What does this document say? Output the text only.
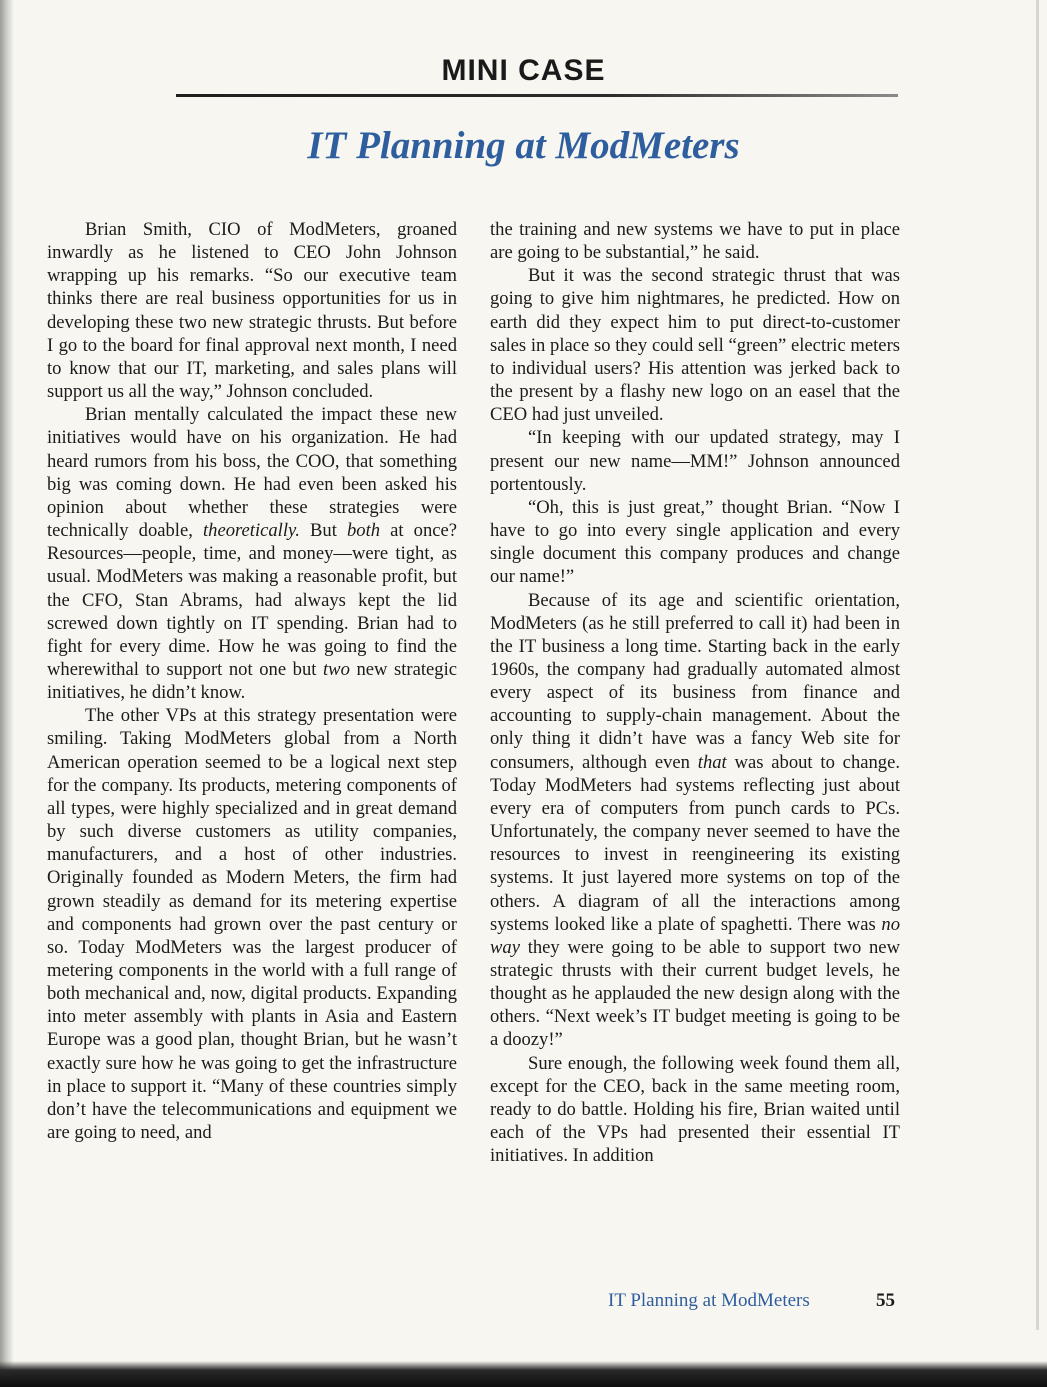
MINI CASE
IT Planning at ModMeters

Brian Smith, CIO of ModMeters, groaned inwardly as he listened to CEO John Johnson wrapping up his remarks. “So our executive team thinks there are real business opportunities for us in developing these two new strategic thrusts. But before I go to the board for final approval next month, I need to know that our IT, marketing, and sales plans will support us all the way,” Johnson concluded.

Brian mentally calculated the impact these new initiatives would have on his organization. He had heard rumors from his boss, the COO, that something big was coming down. He had even been asked his opinion about whether these strategies were technically doable, theoretically. But both at once? Resources—people, time, and money—were tight, as usual. ModMeters was making a reasonable profit, but the CFO, Stan Abrams, had always kept the lid screwed down tightly on IT spending. Brian had to fight for every dime. How he was going to find the wherewithal to support not one but two new strategic initiatives, he didn’t know.

The other VPs at this strategy presentation were smiling. Taking ModMeters global from a North American operation seemed to be a logical next step for the company. Its products, metering components of all types, were highly specialized and in great demand by such diverse customers as utility companies, manufacturers, and a host of other industries. Originally founded as Modern Meters, the firm had grown steadily as demand for its metering expertise and components had grown over the past century or so. Today ModMeters was the largest producer of metering components in the world with a full range of both mechanical and, now, digital products. Expanding into meter assembly with plants in Asia and Eastern Europe was a good plan, thought Brian, but he wasn’t exactly sure how he was going to get the infrastructure in place to support it. “Many of these countries simply don’t have the telecommunications and equipment we are going to need, and

the training and new systems we have to put in place are going to be substantial,” he said.

But it was the second strategic thrust that was going to give him nightmares, he predicted. How on earth did they expect him to put direct-to-customer sales in place so they could sell “green” electric meters to individual users? His attention was jerked back to the present by a flashy new logo on an easel that the CEO had just unveiled.

“In keeping with our updated strategy, may I present our new name—MM!” Johnson announced portentously.

“Oh, this is just great,” thought Brian. “Now I have to go into every single application and every single document this company produces and change our name!”

Because of its age and scientific orientation, ModMeters (as he still preferred to call it) had been in the IT business a long time. Starting back in the early 1960s, the company had gradually automated almost every aspect of its business from finance and accounting to supply-chain management. About the only thing it didn’t have was a fancy Web site for consumers, although even that was about to change. Today ModMeters had systems reflecting just about every era of computers from punch cards to PCs. Unfortunately, the company never seemed to have the resources to invest in reengineering its existing systems. It just layered more systems on top of the others. A diagram of all the interactions among systems looked like a plate of spaghetti. There was no way they were going to be able to support two new strategic thrusts with their current budget levels, he thought as he applauded the new design along with the others. “Next week’s IT budget meeting is going to be a doozy!”

Sure enough, the following week found them all, except for the CEO, back in the same meeting room, ready to do battle. Holding his fire, Brian waited until each of the VPs had presented their essential IT initiatives. In addition

IT Planning at ModMeters	55
